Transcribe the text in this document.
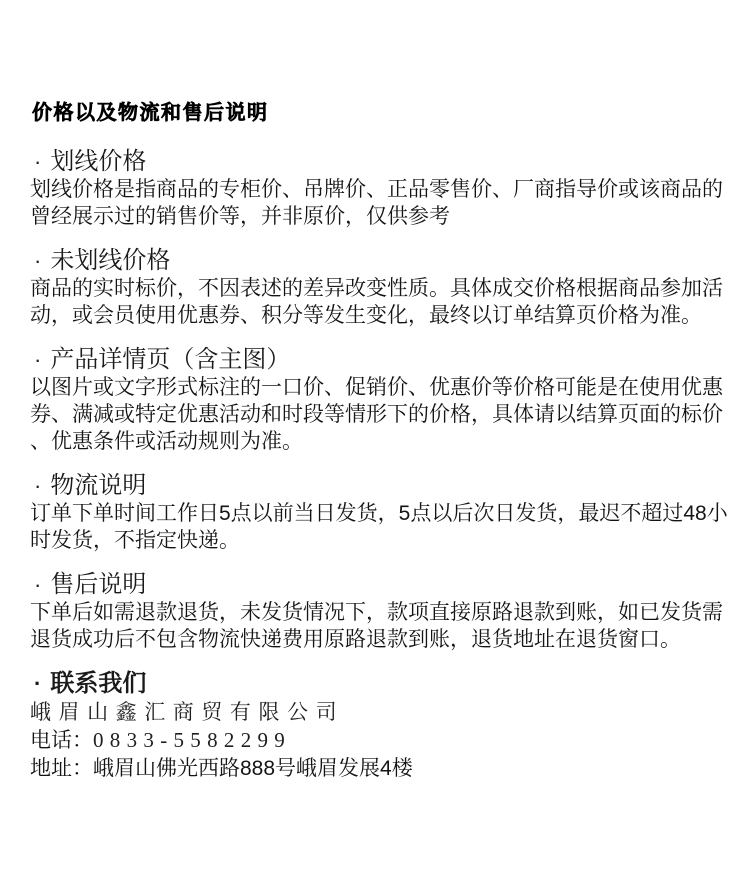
价格以及物流和售后说明
· 划线价格
划线价格是指商品的专柜价、吊牌价、正品零售价、厂商指导价或该商品的
曾经展示过的销售价等，并非原价，仅供参考
· 未划线价格
商品的实时标价，不因表述的差异改变性质。具体成交价格根据商品参加活
动，或会员使用优惠券、积分等发生变化，最终以订单结算页价格为准。
· 产品详情页（含主图）
以图片或文字形式标注的一口价、促销价、优惠价等价格可能是在使用优惠
券、满减或特定优惠活动和时段等情形下的价格，具体请以结算页面的标价
、优惠条件或活动规则为准。
· 物流说明
订单下单时间工作日5点以前当日发货，5点以后次日发货，最迟不超过48小
时发货，不指定快递。
· 售后说明
下单后如需退款退货，未发货情况下，款项直接原路退款到账，如已发货需
退货成功后不包含物流快递费用原路退款到账，退货地址在退货窗口。
· 联系我们
峨眉山鑫汇商贸有限公司
电话：0833-5582299
地址：峨眉山佛光西路888号峨眉发展4楼
